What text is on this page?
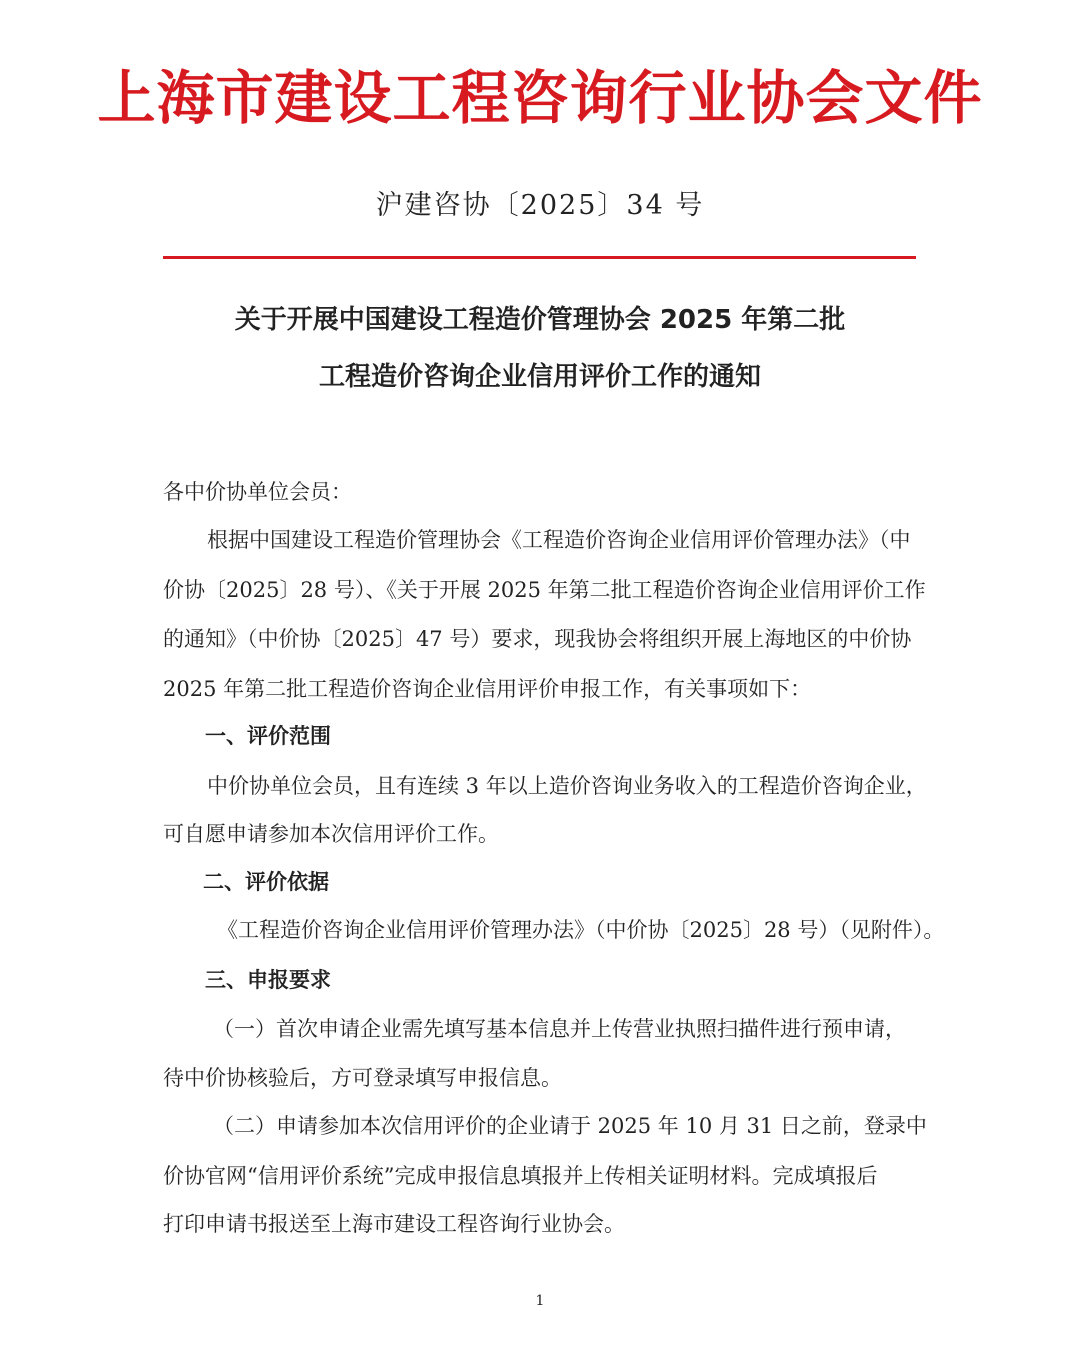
上海市建设工程咨询行业协会文件
沪建咨协〔2025〕34 号
关于开展中国建设工程造价管理协会 2025 年第二批
工程造价咨询企业信用评价工作的通知
各中价协单位会员：
根据中国建设工程造价管理协会《工程造价咨询企业信用评价管理办法》（中
价协〔2025〕28 号）、《关于开展 2025 年第二批工程造价咨询企业信用评价工作
的通知》（中价协〔2025〕47 号）要求，现我协会将组织开展上海地区的中价协
2025 年第二批工程造价咨询企业信用评价申报工作，有关事项如下：
一、评价范围
中价协单位会员，且有连续 3 年以上造价咨询业务收入的工程造价咨询企业，
可自愿申请参加本次信用评价工作。
二、评价依据
《工程造价咨询企业信用评价管理办法》（中价协〔2025〕28 号）（见附件）。
三、申报要求
（一）首次申请企业需先填写基本信息并上传营业执照扫描件进行预申请，
待中价协核验后，方可登录填写申报信息。
（二）申请参加本次信用评价的企业请于 2025 年 10 月 31 日之前，登录中
价协官网“信用评价系统”完成申报信息填报并上传相关证明材料。完成填报后
打印申请书报送至上海市建设工程咨询行业协会。
1
